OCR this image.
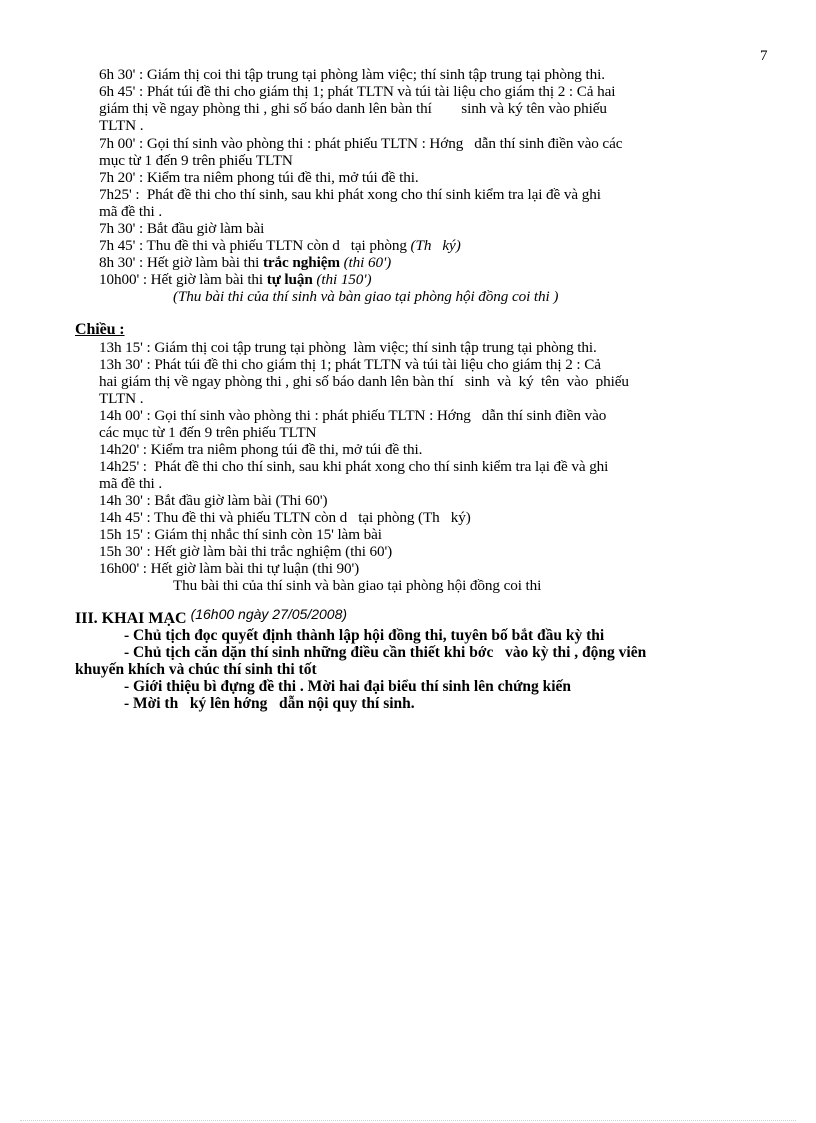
7
6h 30' : Giám thị coi thi tập trung tại phòng làm việc; thí sinh tập trung tại phòng thi.
6h 45' : Phát túi đề thi cho giám thị 1; phát TLTN và túi tài liệu cho giám thị 2 : Cả hai
giám thị về ngay phòng thi , ghi số báo danh lên bàn thí        sinh và ký tên vào phiếu
TLTN .
7h 00' : Gọi thí sinh vào phòng thi : phát phiếu TLTN : Hớng   dẫn thí sinh điền vào các
mục từ 1 đến 9 trên phiếu TLTN
7h 20' : Kiểm tra niêm phong túi đề thi, mở túi đề thi.
7h25' :  Phát đề thi cho thí sinh, sau khi phát xong cho thí sinh kiểm tra lại đề và ghi
mã đề thi .
7h 30' : Bắt đầu giờ làm bài
7h 45' : Thu đề thi và phiếu TLTN còn d   tại phòng (Th   ký)
8h 30' : Hết giờ làm bài thi trắc nghiệm (thi 60')
10h00' : Hết giờ làm bài thi tự luận (thi 150')
(Thu bài thi của thí sinh và bàn giao tại phòng hội đồng coi thi )
Chiều :
13h 15' : Giám thị coi tập trung tại phòng  làm việc; thí sinh tập trung tại phòng thi.
13h 30' : Phát túi đề thi cho giám thị 1; phát TLTN và túi tài liệu cho giám thị 2 : Cả
hai giám thị về ngay phòng thi , ghi số báo danh lên bàn thí   sinh  và  ký  tên  vào  phiếu
TLTN .
14h 00' : Gọi thí sinh vào phòng thi : phát phiếu TLTN : Hớng   dẫn thí sinh điền vào
các mục từ 1 đến 9 trên phiếu TLTN
14h20' : Kiểm tra niêm phong túi đề thi, mở túi đề thi.
14h25' :  Phát đề thi cho thí sinh, sau khi phát xong cho thí sinh kiểm tra lại đề và ghi
mã đề thi .
14h 30' : Bắt đầu giờ làm bài (Thi 60')
14h 45' : Thu đề thi và phiếu TLTN còn d   tại phòng (Th   ký)
15h 15' : Giám thị nhắc thí sinh còn 15' làm bài
15h 30' : Hết giờ làm bài thi trắc nghiệm (thi 60')
16h00' : Hết giờ làm bài thi tự luận (thi 90')
Thu bài thi của thí sinh và bàn giao tại phòng hội đồng coi thi
III. KHAI MẠC (16h00 ngày 27/05/2008)
- Chủ tịch đọc quyết định thành lập hội đồng thi, tuyên bố bắt đầu kỳ thi
- Chủ tịch căn dặn thí sinh những điều cần thiết khi bớc   vào kỳ thi , động viên
khuyến khích và chúc thí sinh thi tốt
- Giới thiệu bì đựng đề thi . Mời hai đại biểu thí sinh lên chứng kiến
- Mời th   ký lên hớng   dẫn nội quy thí sinh.
